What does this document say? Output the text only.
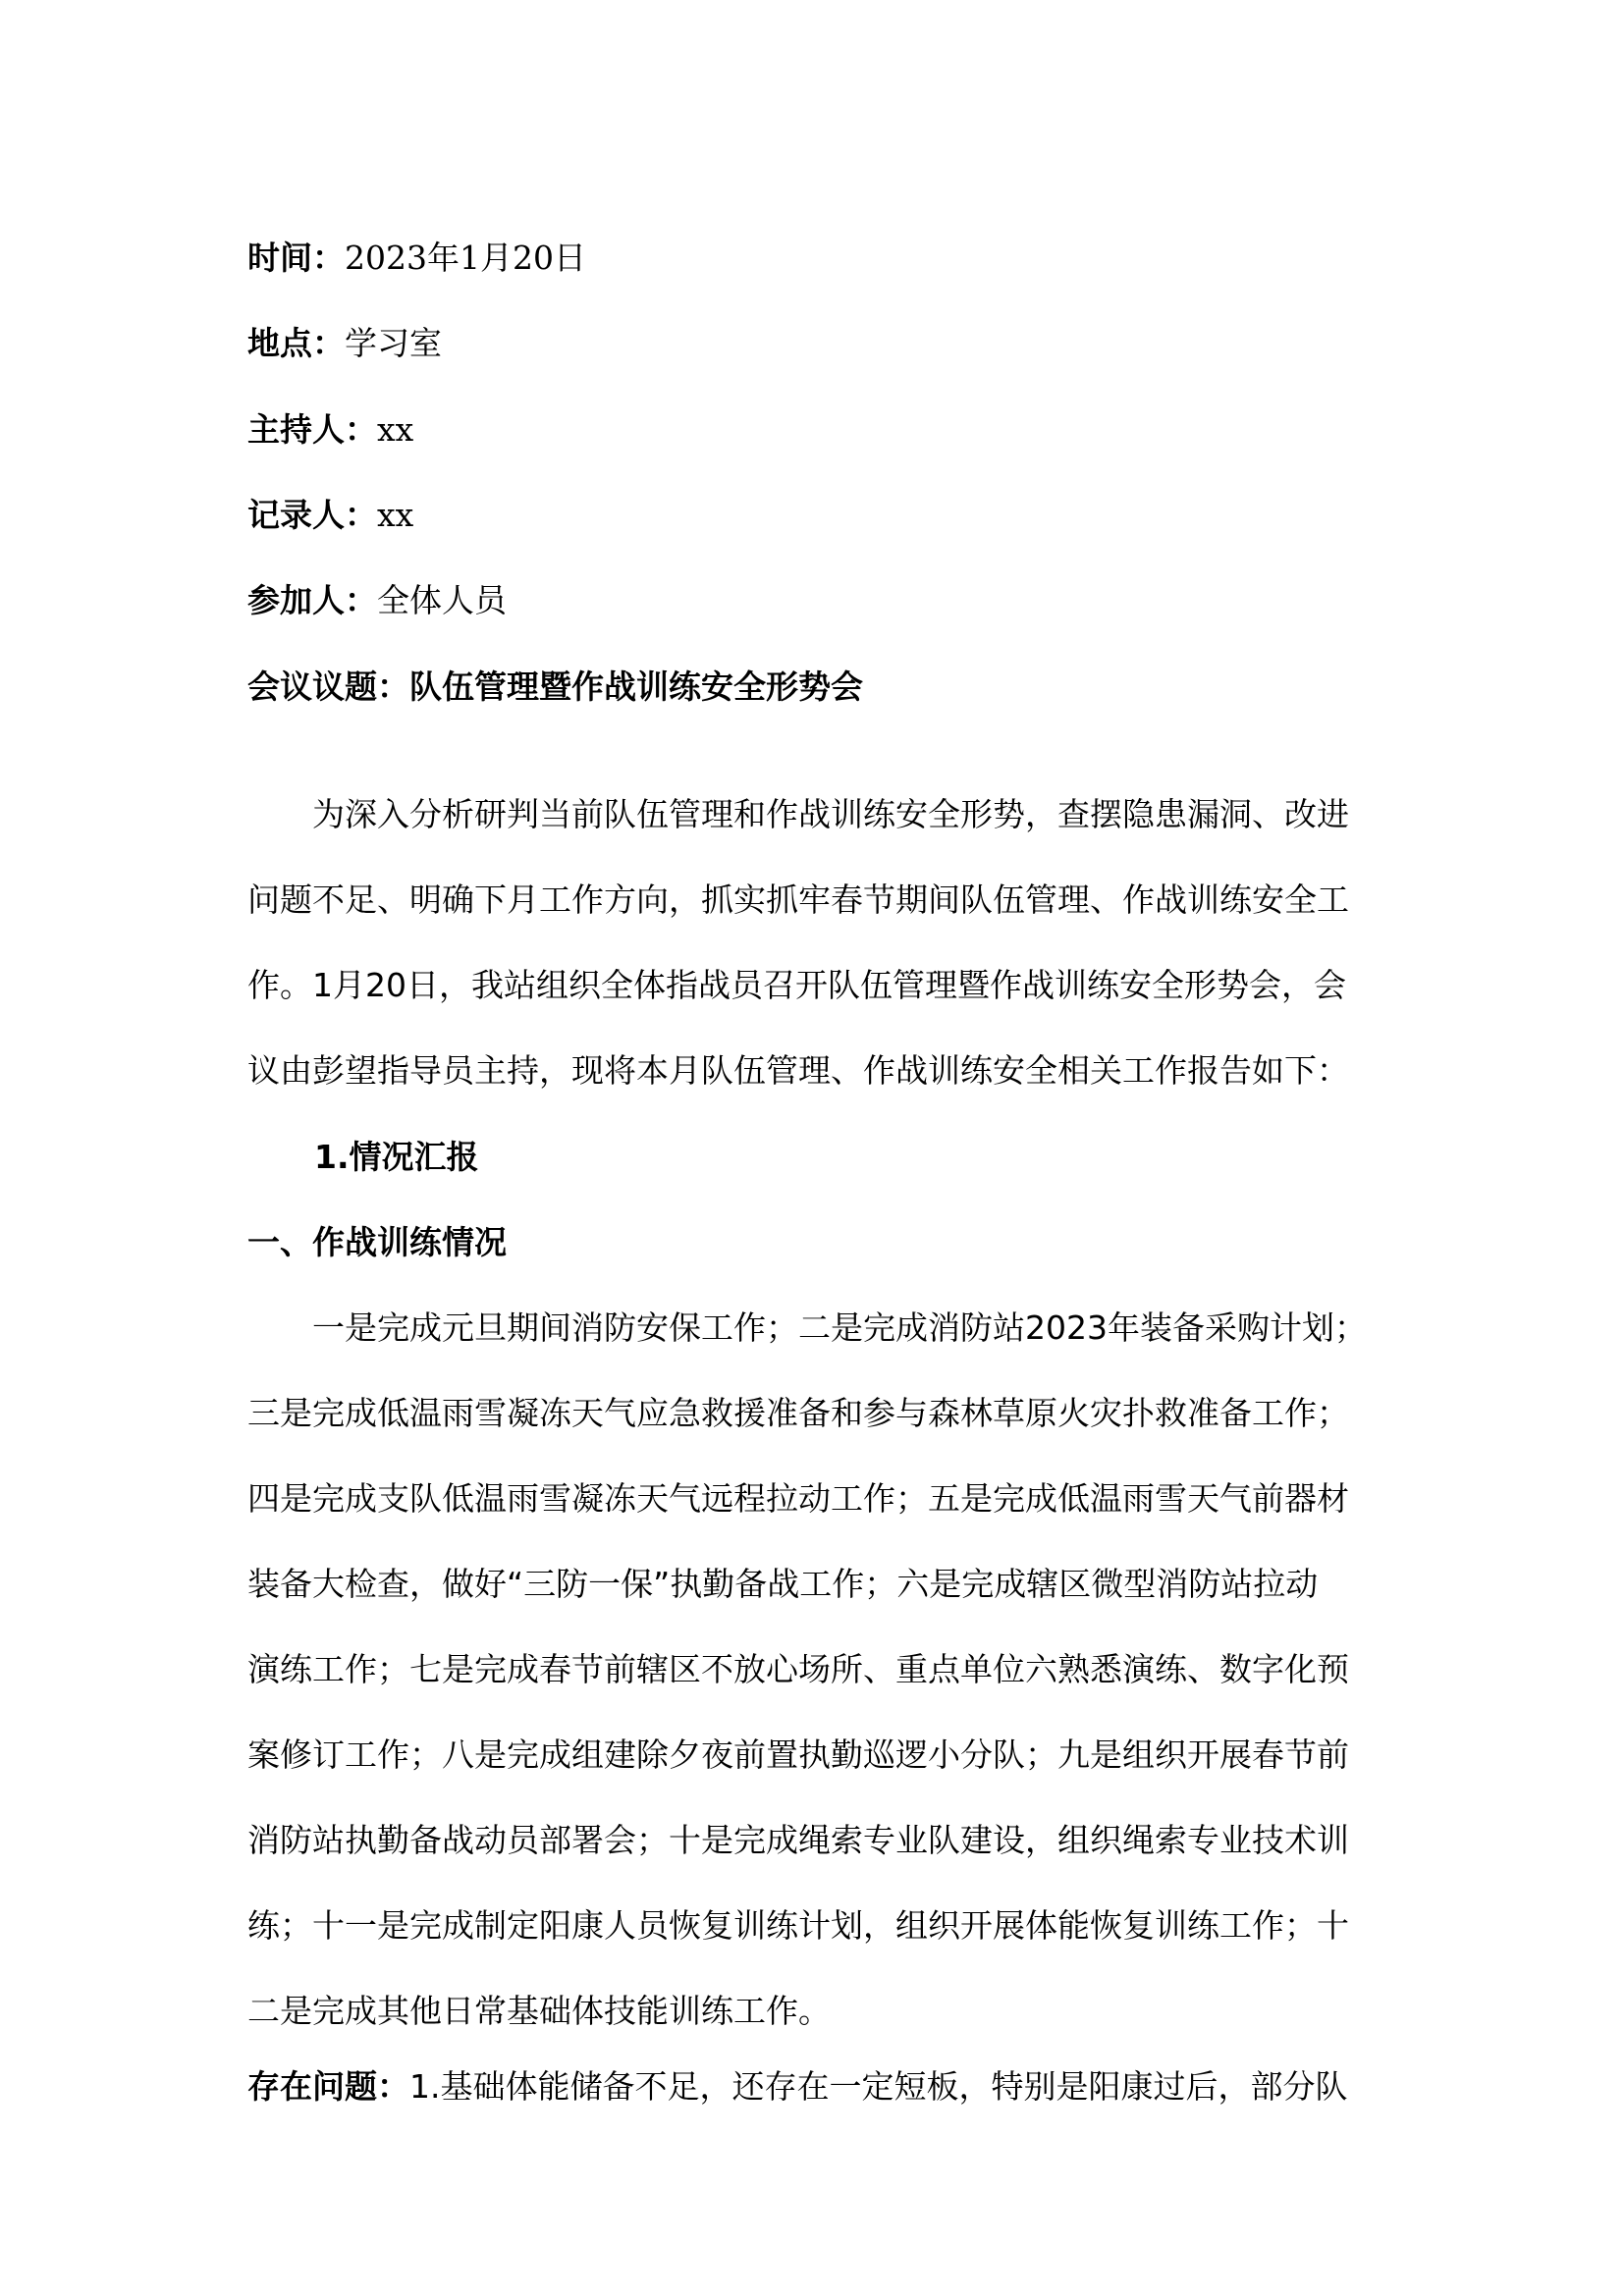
时间：2023年1月20日
地点：学习室
主持人：xx
记录人：xx
参加人：全体人员
会议议题：队伍管理暨作战训练安全形势会
为深入分析研判当前队伍管理和作战训练安全形势，查摆隐患漏洞、改进
问题不足、明确下月工作方向，抓实抓牢春节期间队伍管理、作战训练安全工
作。1月20日，我站组织全体指战员召开队伍管理暨作战训练安全形势会，会
议由彭望指导员主持，现将本月队伍管理、作战训练安全相关工作报告如下：
1.情况汇报
一、作战训练情况
一是完成元旦期间消防安保工作；二是完成消防站2023年装备采购计划；
三是完成低温雨雪凝冻天气应急救援准备和参与森林草原火灾扑救准备工作；
四是完成支队低温雨雪凝冻天气远程拉动工作；五是完成低温雨雪天气前器材
装备大检查，做好“三防一保”执勤备战工作；六是完成辖区微型消防站拉动
演练工作；七是完成春节前辖区不放心场所、重点单位六熟悉演练、数字化预
案修订工作；八是完成组建除夕夜前置执勤巡逻小分队；九是组织开展春节前
消防站执勤备战动员部署会；十是完成绳索专业队建设，组织绳索专业技术训
练；十一是完成制定阳康人员恢复训练计划，组织开展体能恢复训练工作；十
二是完成其他日常基础体技能训练工作。
存在问题：1.基础体能储备不足，还存在一定短板，特别是阳康过后，部分队
